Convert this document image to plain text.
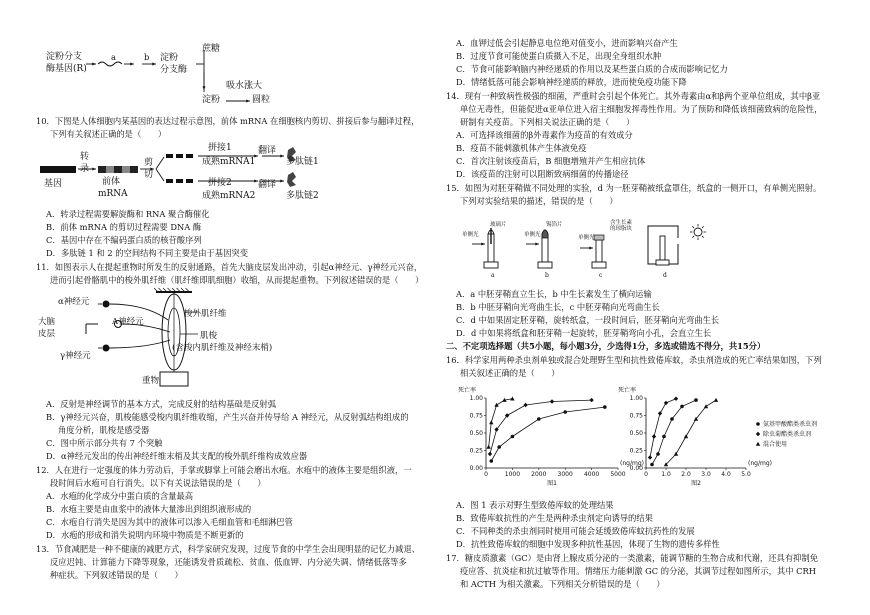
淀粉分支
酶基因(R)
a	b 淀粉
分支酶
蔗糖
吸水涨大
淀粉	圆粒
10．下图是人体细胞内某基因的表达过程示意图，前体 mRNA 在细胞核内剪切、拼接后参与翻译过程，
下列有关叙述正确的是（　　）
转
录
基因	前体
mRNA
剪
切
拼接1
成熟mRNA1
翻译
多肽链1
拼接2
成熟mRNA2
翻译
多肽链2
A．转录过程需要解旋酶和 RNA 聚合酶催化
B．前体 mRNA 的剪切过程需要 DNA 酶
C．基因中存在不编码蛋白质的核苷酸序列
D．多肽链 1 和 2 的空间结构不同主要是由于基因突变
11．如图表示人在提起重物时所发生的反射通路，首先大脑皮层发出冲动，引起α神经元、γ神经元兴奋，
进而引起骨骼肌中的梭外肌纤维（肌纤维即肌细胞）收缩，从而提起重物。下列叙述错误的是（　　）
α神经元
大脑
皮层
A神经元
γ神经元
梭外肌纤维
肌梭
(含梭内肌纤维及神经末梢)
重物
A．反射是神经调节的基本方式，完成反射的结构基础是反射弧
B．γ神经元兴奋，肌梭能感受梭内肌纤维收缩，产生兴奋并传导给 A 神经元，从反射弧结构组成的
角度分析，肌梭是感受器
C．图中所示部分共有 7 个突触
D．α神经元发出的传出神经纤维末梢及其支配的梭外肌纤维构成效应器
12．人在进行一定强度的体力劳动后，手掌或脚掌上可能会磨出水疱。水疱中的液体主要是组织液，一
段时间后水疱可自行消失。以下有关说法错误的是（　　）
A．水疱的化学成分中蛋白质的含量最高
B．水疱主要是由血浆中的液体大量渗出到组织液形成的
C．水疱自行消失是因为其中的液体可以渗入毛细血管和毛细淋巴管
D．水疱的形成和消失说明内环境中物质是不断更新的
13．节食减肥是一种不健康的减肥方式，科学家研究发现，过度节食的中学生会出现明显的记忆力减退、
反应迟钝、计算能力下降等现象，还能诱发骨质疏松、贫血、低血钾、内分泌失调、情绪低落等多
种症状。下列叙述错误的是（　　）
A．血钾过低会引起静息电位绝对值变小，进而影响兴奋产生
B．过度节食可能使蛋白质摄入不足，出现全身组织水肿
C．节食可能影响脑内神经递质的作用以及某些蛋白质的合成而影响记忆力
D．情绪低落可能会影响神经递质的释放，进而使免疫功能下降
14．现有一种致病性极强的细菌，严重时会引起个体死亡。其外毒素由α和β两个亚单位组成，其中β亚
单位无毒性，但能促进α亚单位进入宿主细胞发挥毒性作用。为了预防和降低该细菌致病的危险性，
研制有关疫苗。下列相关说法正确的是（　　）
A．可选择该细菌的β外毒素作为疫苗的有效成分
B．疫苗不能刺激机体产生体液免疫
C．首次注射该疫苗后，B 细胞增殖并产生相应抗体
D．该疫苗的注射可以阻断致病细菌的传播途径
15．如图为对胚芽鞘做不同处理的实验，d 为一胚芽鞘被纸盒罩住，纸盒的一侧开口，有单侧光照射。
下列对实验结果的描述，错误的是（　　）
单侧光
玻璃片
单侧光
锡箔片
单侧光
含生长素
的琼脂块
a	b	c	d
A．a 中胚芽鞘直立生长，b 中生长素发生了横向运输
B．b 中胚芽鞘向光弯曲生长，c 中胚芽鞘向光弯曲生长
C．d 中如果固定胚芽鞘，旋转纸盒，一段时间后，胚芽鞘向光弯曲生长
D．d 中如果将纸盒和胚芽鞘一起旋转，胚芽鞘弯向小孔，会直立生长
二、不定项选择题（共5小题，每小题3分，少选得1分，多选或错选不得分，共15分）
16．科学家用两种杀虫剂单独或混合处理野生型和抗性致倦库蚊，杀虫剂造成的死亡率结果如图，下列
相关叙述正确的是（　　）
死亡率
0.00
0.25
0.50
0.75
1.00
0	1000 2000 3000 4000 5000
(ng/mg)
图1
死亡率
0.00
0.25
0.50
0.75
1.00
0 1.0 2.0 3.0 4.0 5.0
(ng/mg)
图2
氨基甲酸酯类杀虫剂
除虫菊酯类杀虫剂
混合使用
A．图 1 表示对野生型致倦库蚊的处理结果
B．致倦库蚊抗性的产生是两种杀虫剂定向诱导的结果
C．不同种类的杀虫剂同时使用可能会延缓致倦库蚊抗药性的发展
D．抗性致倦库蚊的细胞中发现多种抗性基因，体现了生物的遗传多样性
17．糖皮质激素（GC）是由肾上腺皮质分泌的一类激素，能调节糖的生物合成和代谢，还具有抑制免
疫应答、抗炎症和抗过敏等作用。情绪压力能刺激 GC 的分泌，其调节过程如图所示，其中 CRH
和 ACTH 为相关激素。下列相关分析错误的是（　　）
